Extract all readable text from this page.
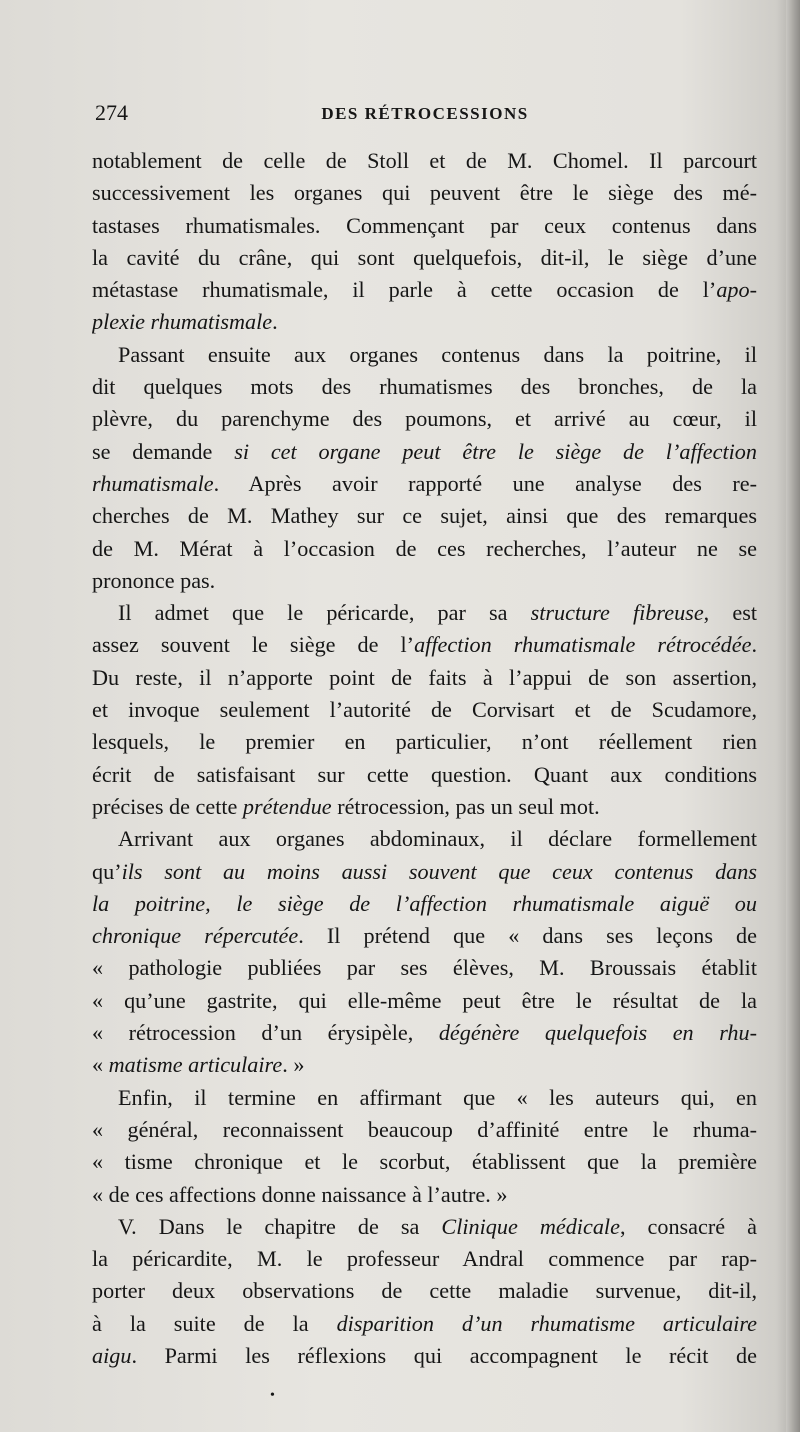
274	DES RÉTROCESSIONS
notablement de celle de Stoll et de M. Chomel. Il parcourt
successivement les organes qui peuvent être le siège des mé-
tastases rhumatismales. Commençant par ceux contenus dans
la cavité du crâne, qui sont quelquefois, dit-il, le siège d’une
métastase rhumatismale, il parle à cette occasion de l’apo-
plexie rhumatismale.
Passant ensuite aux organes contenus dans la poitrine, il
dit quelques mots des rhumatismes des bronches, de la
plèvre, du parenchyme des poumons, et arrivé au cœur, il
se demande si cet organe peut être le siège de l’affection
rhumatismale. Après avoir rapporté une analyse des re-
cherches de M. Mathey sur ce sujet, ainsi que des remarques
de M. Mérat à l’occasion de ces recherches, l’auteur ne se
prononce pas.
Il admet que le péricarde, par sa structure fibreuse, est
assez souvent le siège de l’affection rhumatismale rétrocédée.
Du reste, il n’apporte point de faits à l’appui de son assertion,
et invoque seulement l’autorité de Corvisart et de Scudamore,
lesquels, le premier en particulier, n’ont réellement rien
écrit de satisfaisant sur cette question. Quant aux conditions
précises de cette prétendue rétrocession, pas un seul mot.
Arrivant aux organes abdominaux, il déclare formellement
qu’ils sont au moins aussi souvent que ceux contenus dans
la poitrine, le siège de l’affection rhumatismale aiguë ou
chronique répercutée. Il prétend que « dans ses leçons de
« pathologie publiées par ses élèves, M. Broussais établit
« qu’une gastrite, qui elle-même peut être le résultat de la
« rétrocession d’un érysipèle, dégénère quelquefois en rhu-
« matisme articulaire. »
Enfin, il termine en affirmant que « les auteurs qui, en
« général, reconnaissent beaucoup d’affinité entre le rhuma-
« tisme chronique et le scorbut, établissent que la première
« de ces affections donne naissance à l’autre. »
V. Dans le chapitre de sa Clinique médicale, consacré à
la péricardite, M. le professeur Andral commence par rap-
porter deux observations de cette maladie survenue, dit-il,
à la suite de la disparition d’un rhumatisme articulaire
aigu. Parmi les réflexions qui accompagnent le récit de
•
